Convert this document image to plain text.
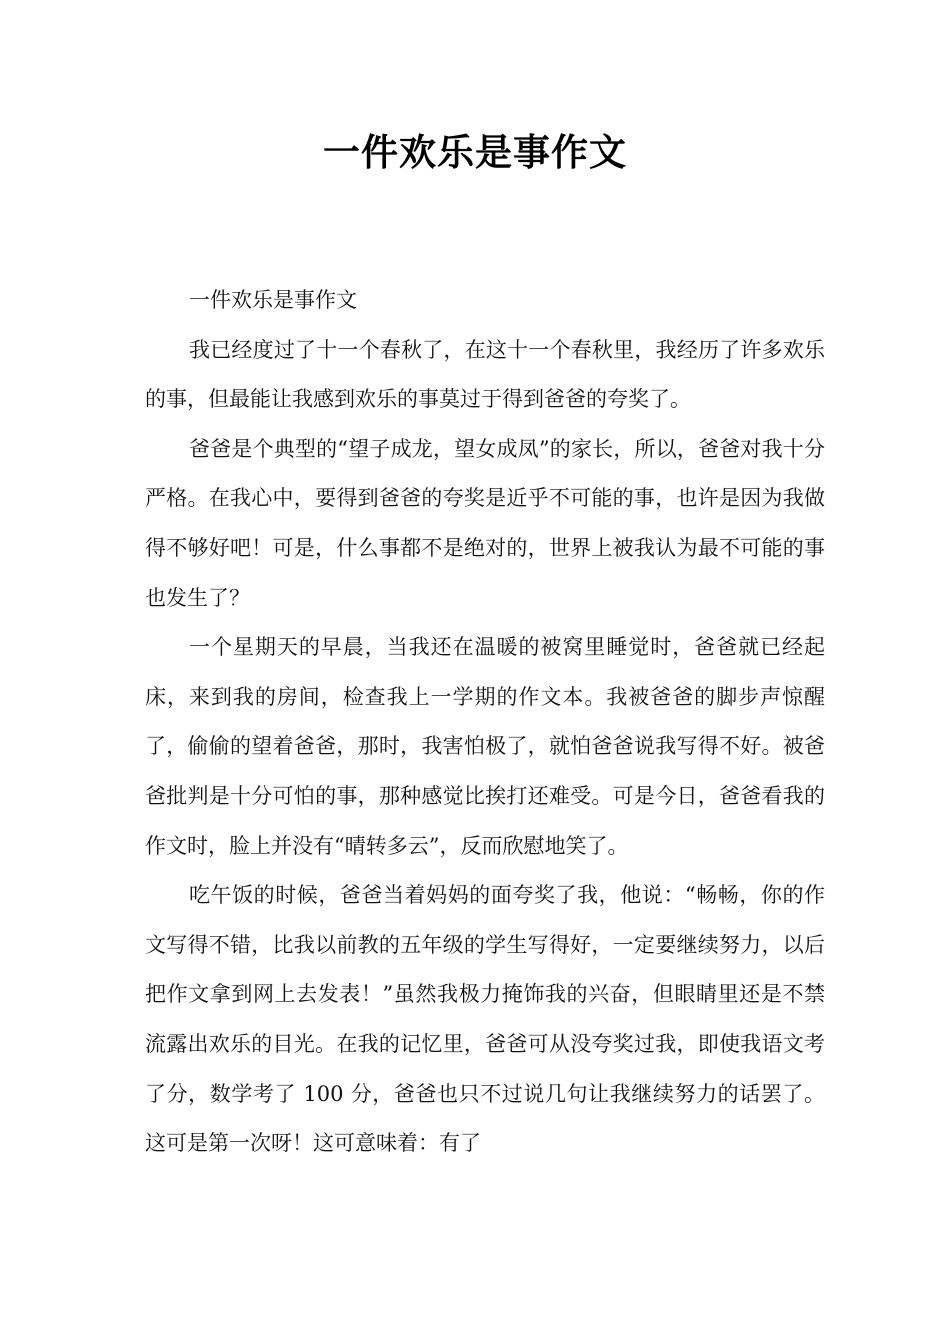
一件欢乐是事作文

一件欢乐是事作文

我已经度过了十一个春秋了，在这十一个春秋里，我经历了许多欢乐的事，但最能让我感到欢乐的事莫过于得到爸爸的夸奖了。

爸爸是个典型的“望子成龙，望女成凤”的家长，所以，爸爸对我十分严格。在我心中，要得到爸爸的夸奖是近乎不可能的事，也许是因为我做得不够好吧！可是，什么事都不是绝对的，世界上被我认为最不可能的事也发生了？

一个星期天的早晨，当我还在温暖的被窝里睡觉时，爸爸就已经起床，来到我的房间，检查我上一学期的作文本。我被爸爸的脚步声惊醒了，偷偷的望着爸爸，那时，我害怕极了，就怕爸爸说我写得不好。被爸爸批判是十分可怕的事，那种感觉比挨打还难受。可是今日，爸爸看我的作文时，脸上并没有“晴转多云”，反而欣慰地笑了。

吃午饭的时候，爸爸当着妈妈的面夸奖了我，他说：“畅畅，你的作文写得不错，比我以前教的五年级的学生写得好，一定要继续努力，以后把作文拿到网上去发表！”虽然我极力掩饰我的兴奋，但眼睛里还是不禁流露出欢乐的目光。在我的记忆里，爸爸可从没夸奖过我，即使我语文考了分，数学考了 100 分，爸爸也只不过说几句让我继续努力的话罢了。这可是第一次呀！这可意味着：有了
